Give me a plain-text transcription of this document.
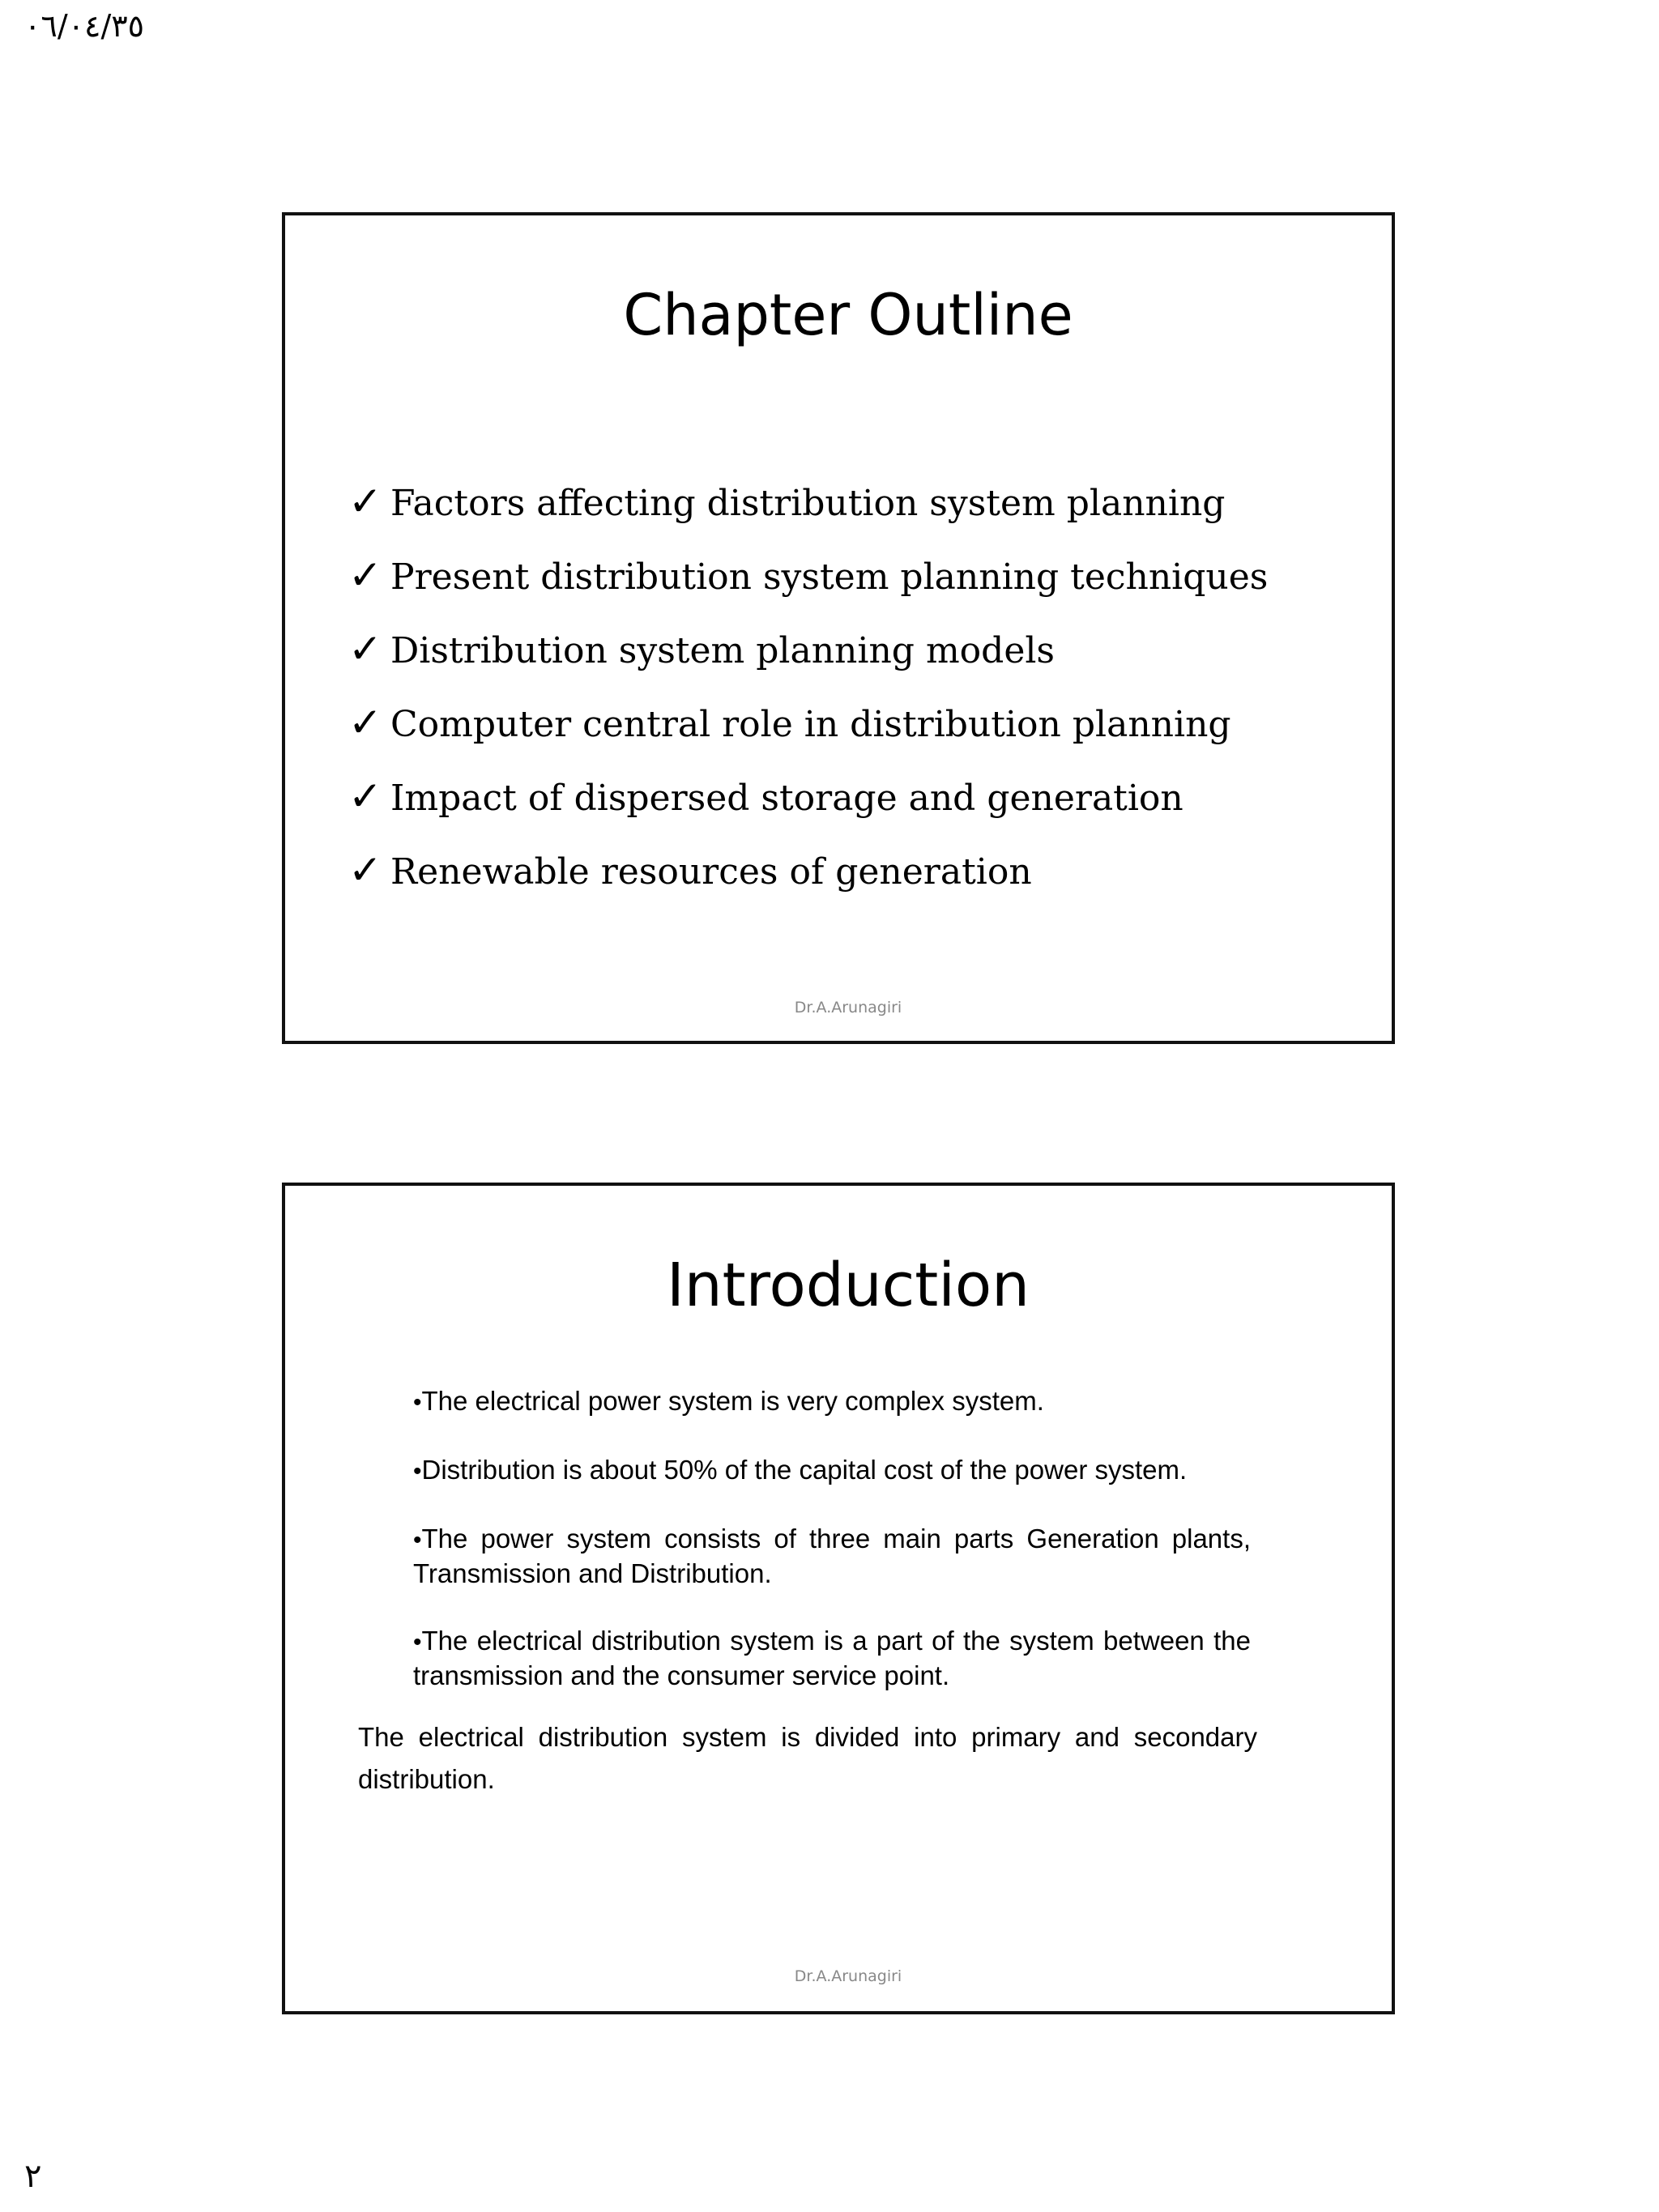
٠٦/٠٤/٣٥
Chapter Outline
✓ Factors affecting distribution system planning
✓ Present distribution system planning techniques
✓ Distribution system planning models
✓ Computer central role in distribution planning
✓ Impact of dispersed storage and generation
✓ Renewable resources of generation
Dr.A.Arunagiri
Introduction

•The electrical power system is very complex system.

•Distribution is about 50% of the capital cost of the power system.

•The power system consists of three main parts Generation plants, Transmission and Distribution.

•The electrical distribution system is a part of the system between the transmission and the consumer service point.

The electrical distribution system is divided into primary and secondary distribution.
Dr.A.Arunagiri
٢
